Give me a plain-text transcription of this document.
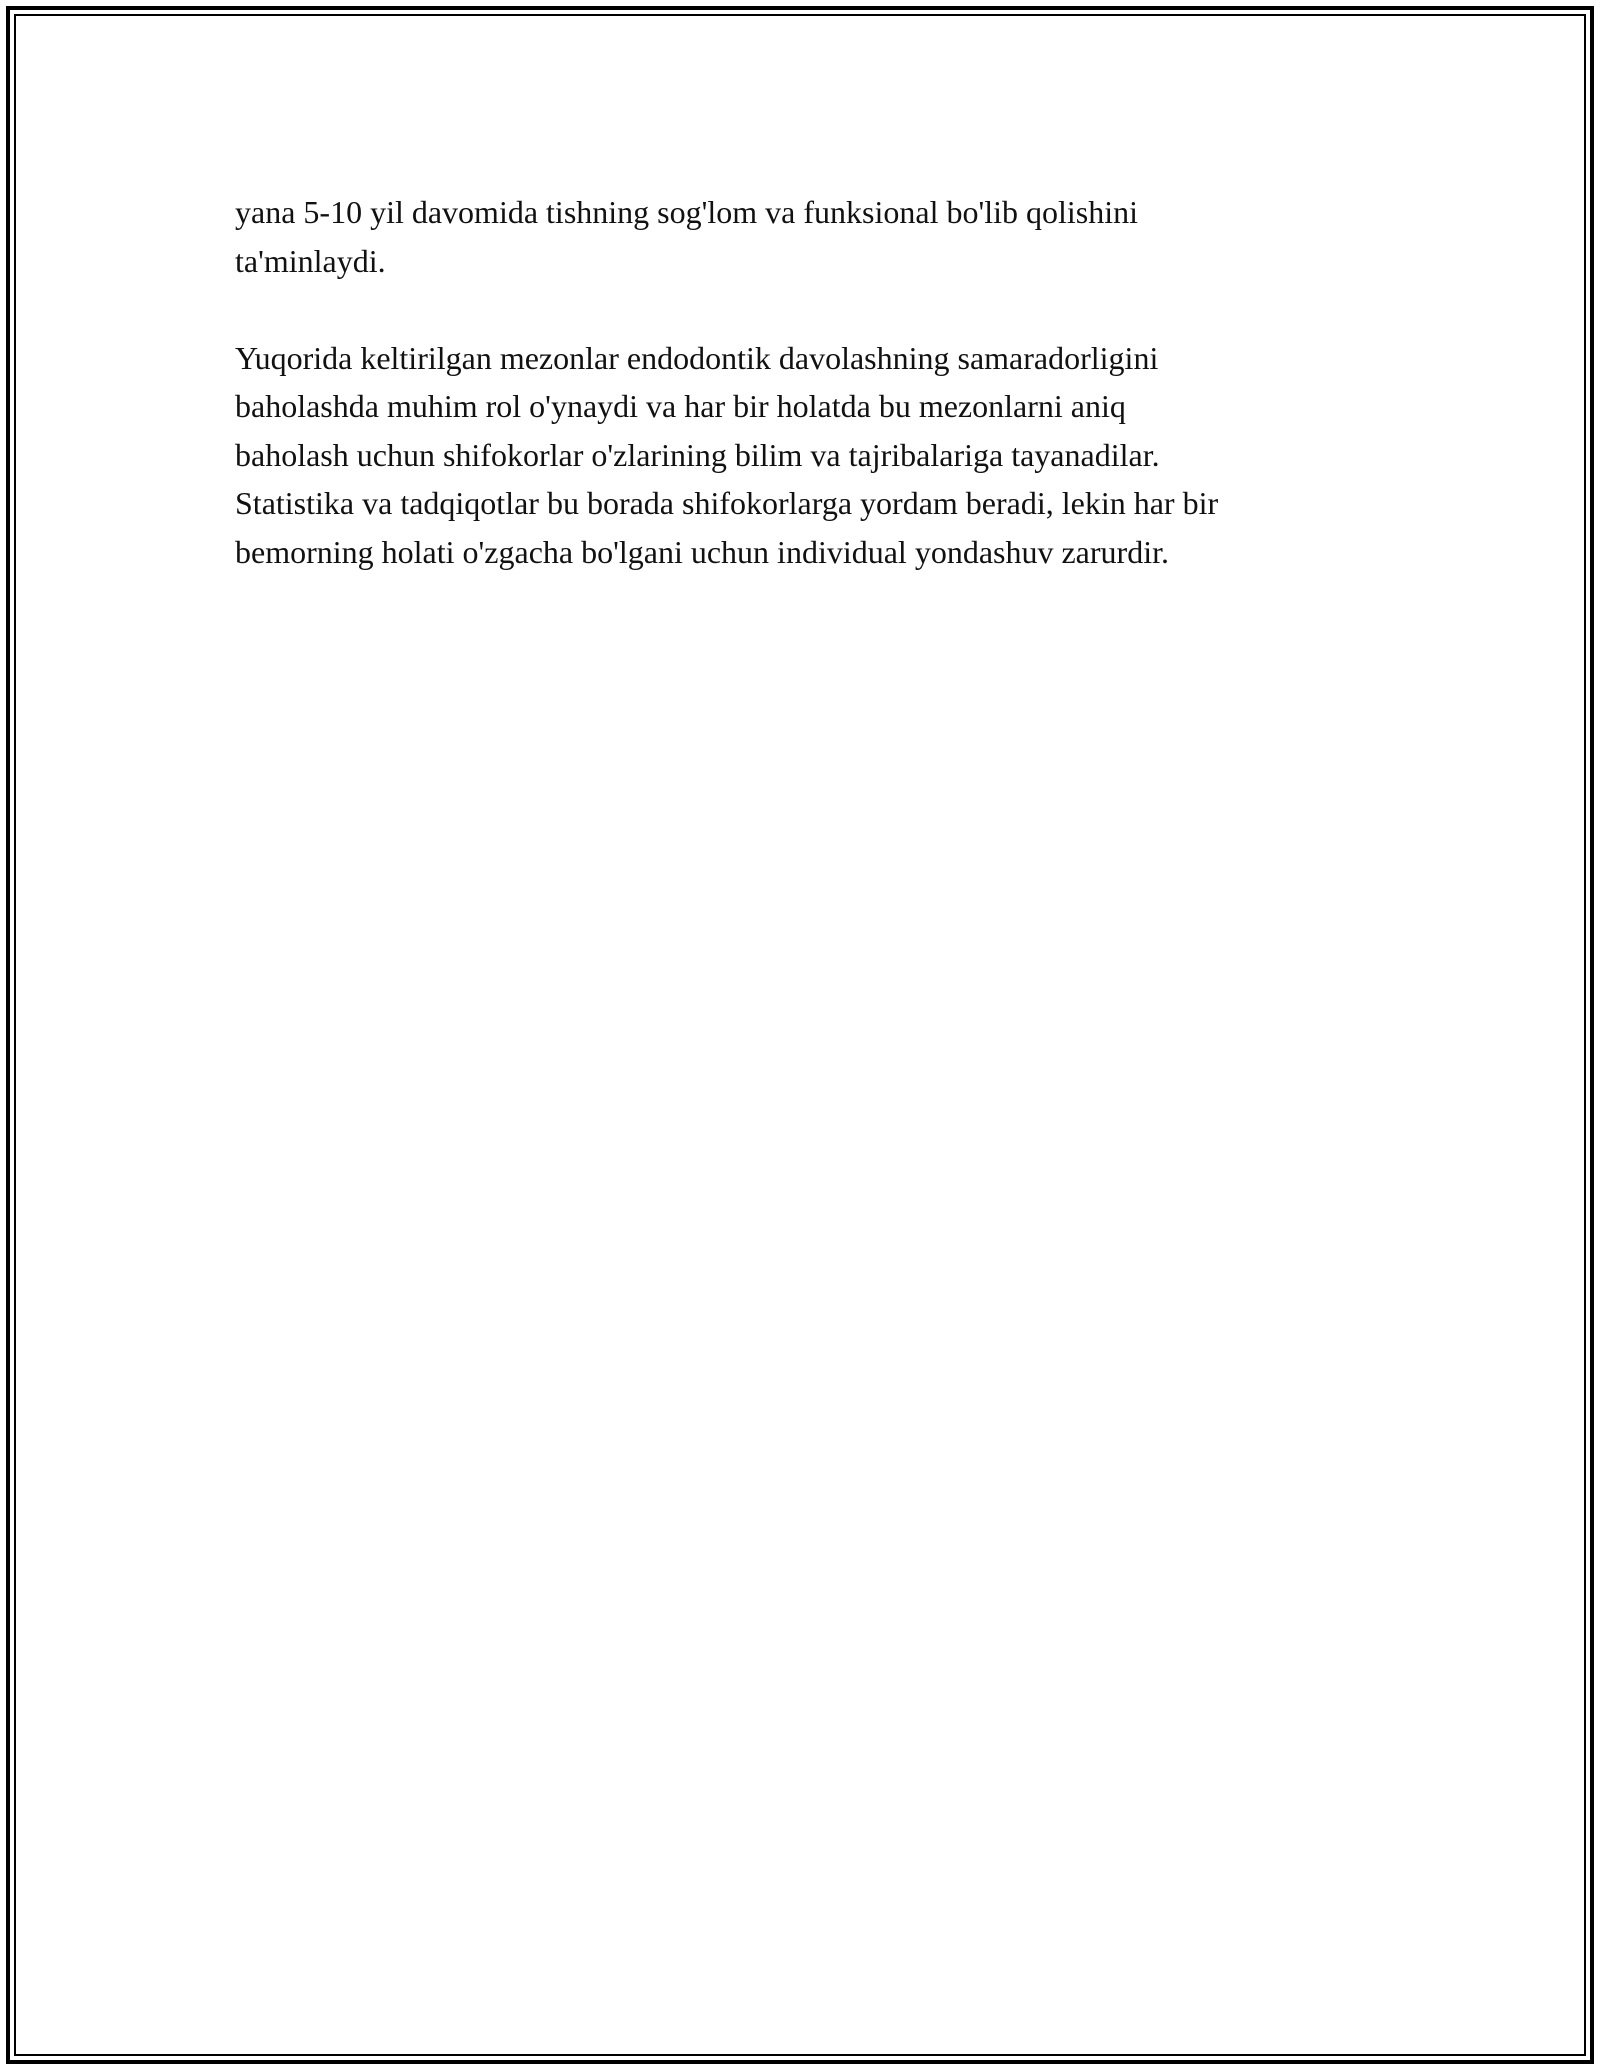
yana 5-10 yil davomida tishning sog'lom va funksional bo'lib qolishini
ta'minlaydi.

Yuqorida keltirilgan mezonlar endodontik davolashning samaradorligini
baholashda muhim rol o'ynaydi va har bir holatda bu mezonlarni aniq
baholash uchun shifokorlar o'zlarining bilim va tajribalariga tayanadilar.
Statistika va tadqiqotlar bu borada shifokorlarga yordam beradi, lekin har bir
bemorning holati o'zgacha bo'lgani uchun individual yondashuv zarurdir.
